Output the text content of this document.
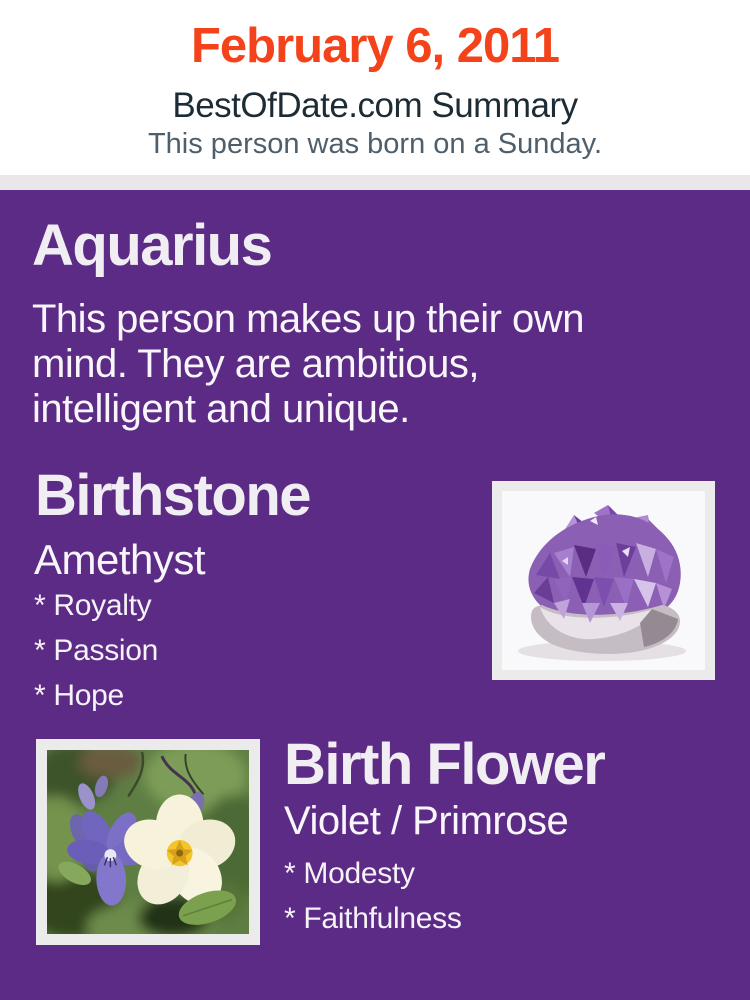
February 6, 2011
BestOfDate.com Summary
This person was born on a Sunday.
Aquarius
This person makes up their own
mind. They are ambitious,
intelligent and unique.
Birthstone
Amethyst
* Royalty
* Passion
* Hope
Birth Flower
Violet / Primrose
* Modesty
* Faithfulness
